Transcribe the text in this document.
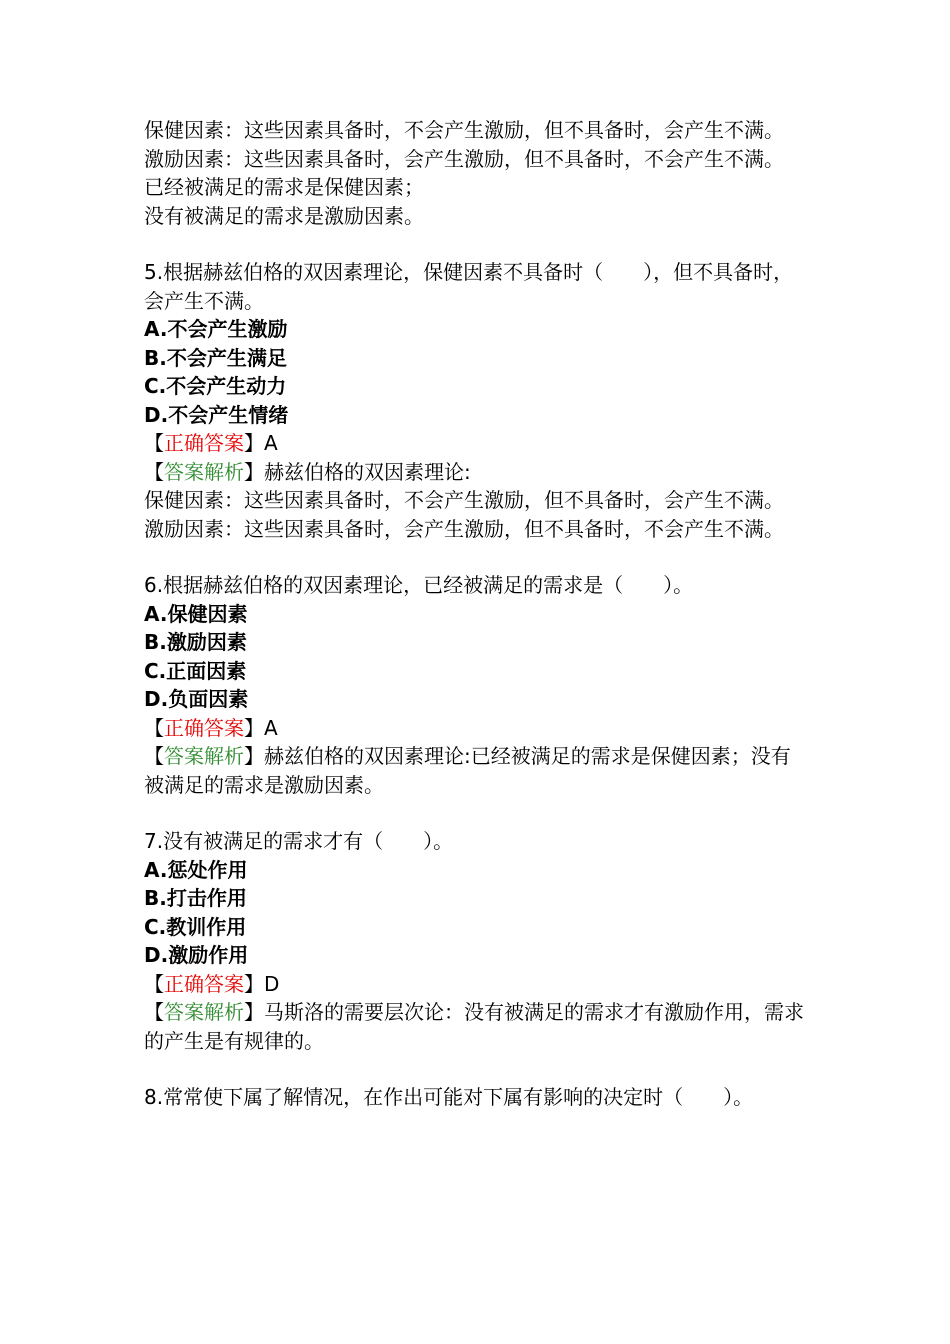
保健因素：这些因素具备时，不会产生激励，但不具备时，会产生不满。

激励因素：这些因素具备时，会产生激励，但不具备时，不会产生不满。

已经被满足的需求是保健因素；

没有被满足的需求是激励因素。

5.根据赫兹伯格的双因素理论，保健因素不具备时（　　），但不具备时，会产生不满。

A.不会产生激励

B.不会产生满足

C.不会产生动力

D.不会产生情绪

【正确答案】A

【答案解析】赫兹伯格的双因素理论:

保健因素：这些因素具备时，不会产生激励，但不具备时，会产生不满。

激励因素：这些因素具备时，会产生激励，但不具备时，不会产生不满。

6.根据赫兹伯格的双因素理论，已经被满足的需求是（　　）。

A.保健因素

B.激励因素

C.正面因素

D.负面因素

【正确答案】A

【答案解析】赫兹伯格的双因素理论:已经被满足的需求是保健因素；没有被满足的需求是激励因素。

7.没有被满足的需求才有（　　）。

A.惩处作用

B.打击作用

C.教训作用

D.激励作用

【正确答案】D

【答案解析】马斯洛的需要层次论：没有被满足的需求才有激励作用，需求的产生是有规律的。

8.常常使下属了解情况，在作出可能对下属有影响的决定时（　　）。
